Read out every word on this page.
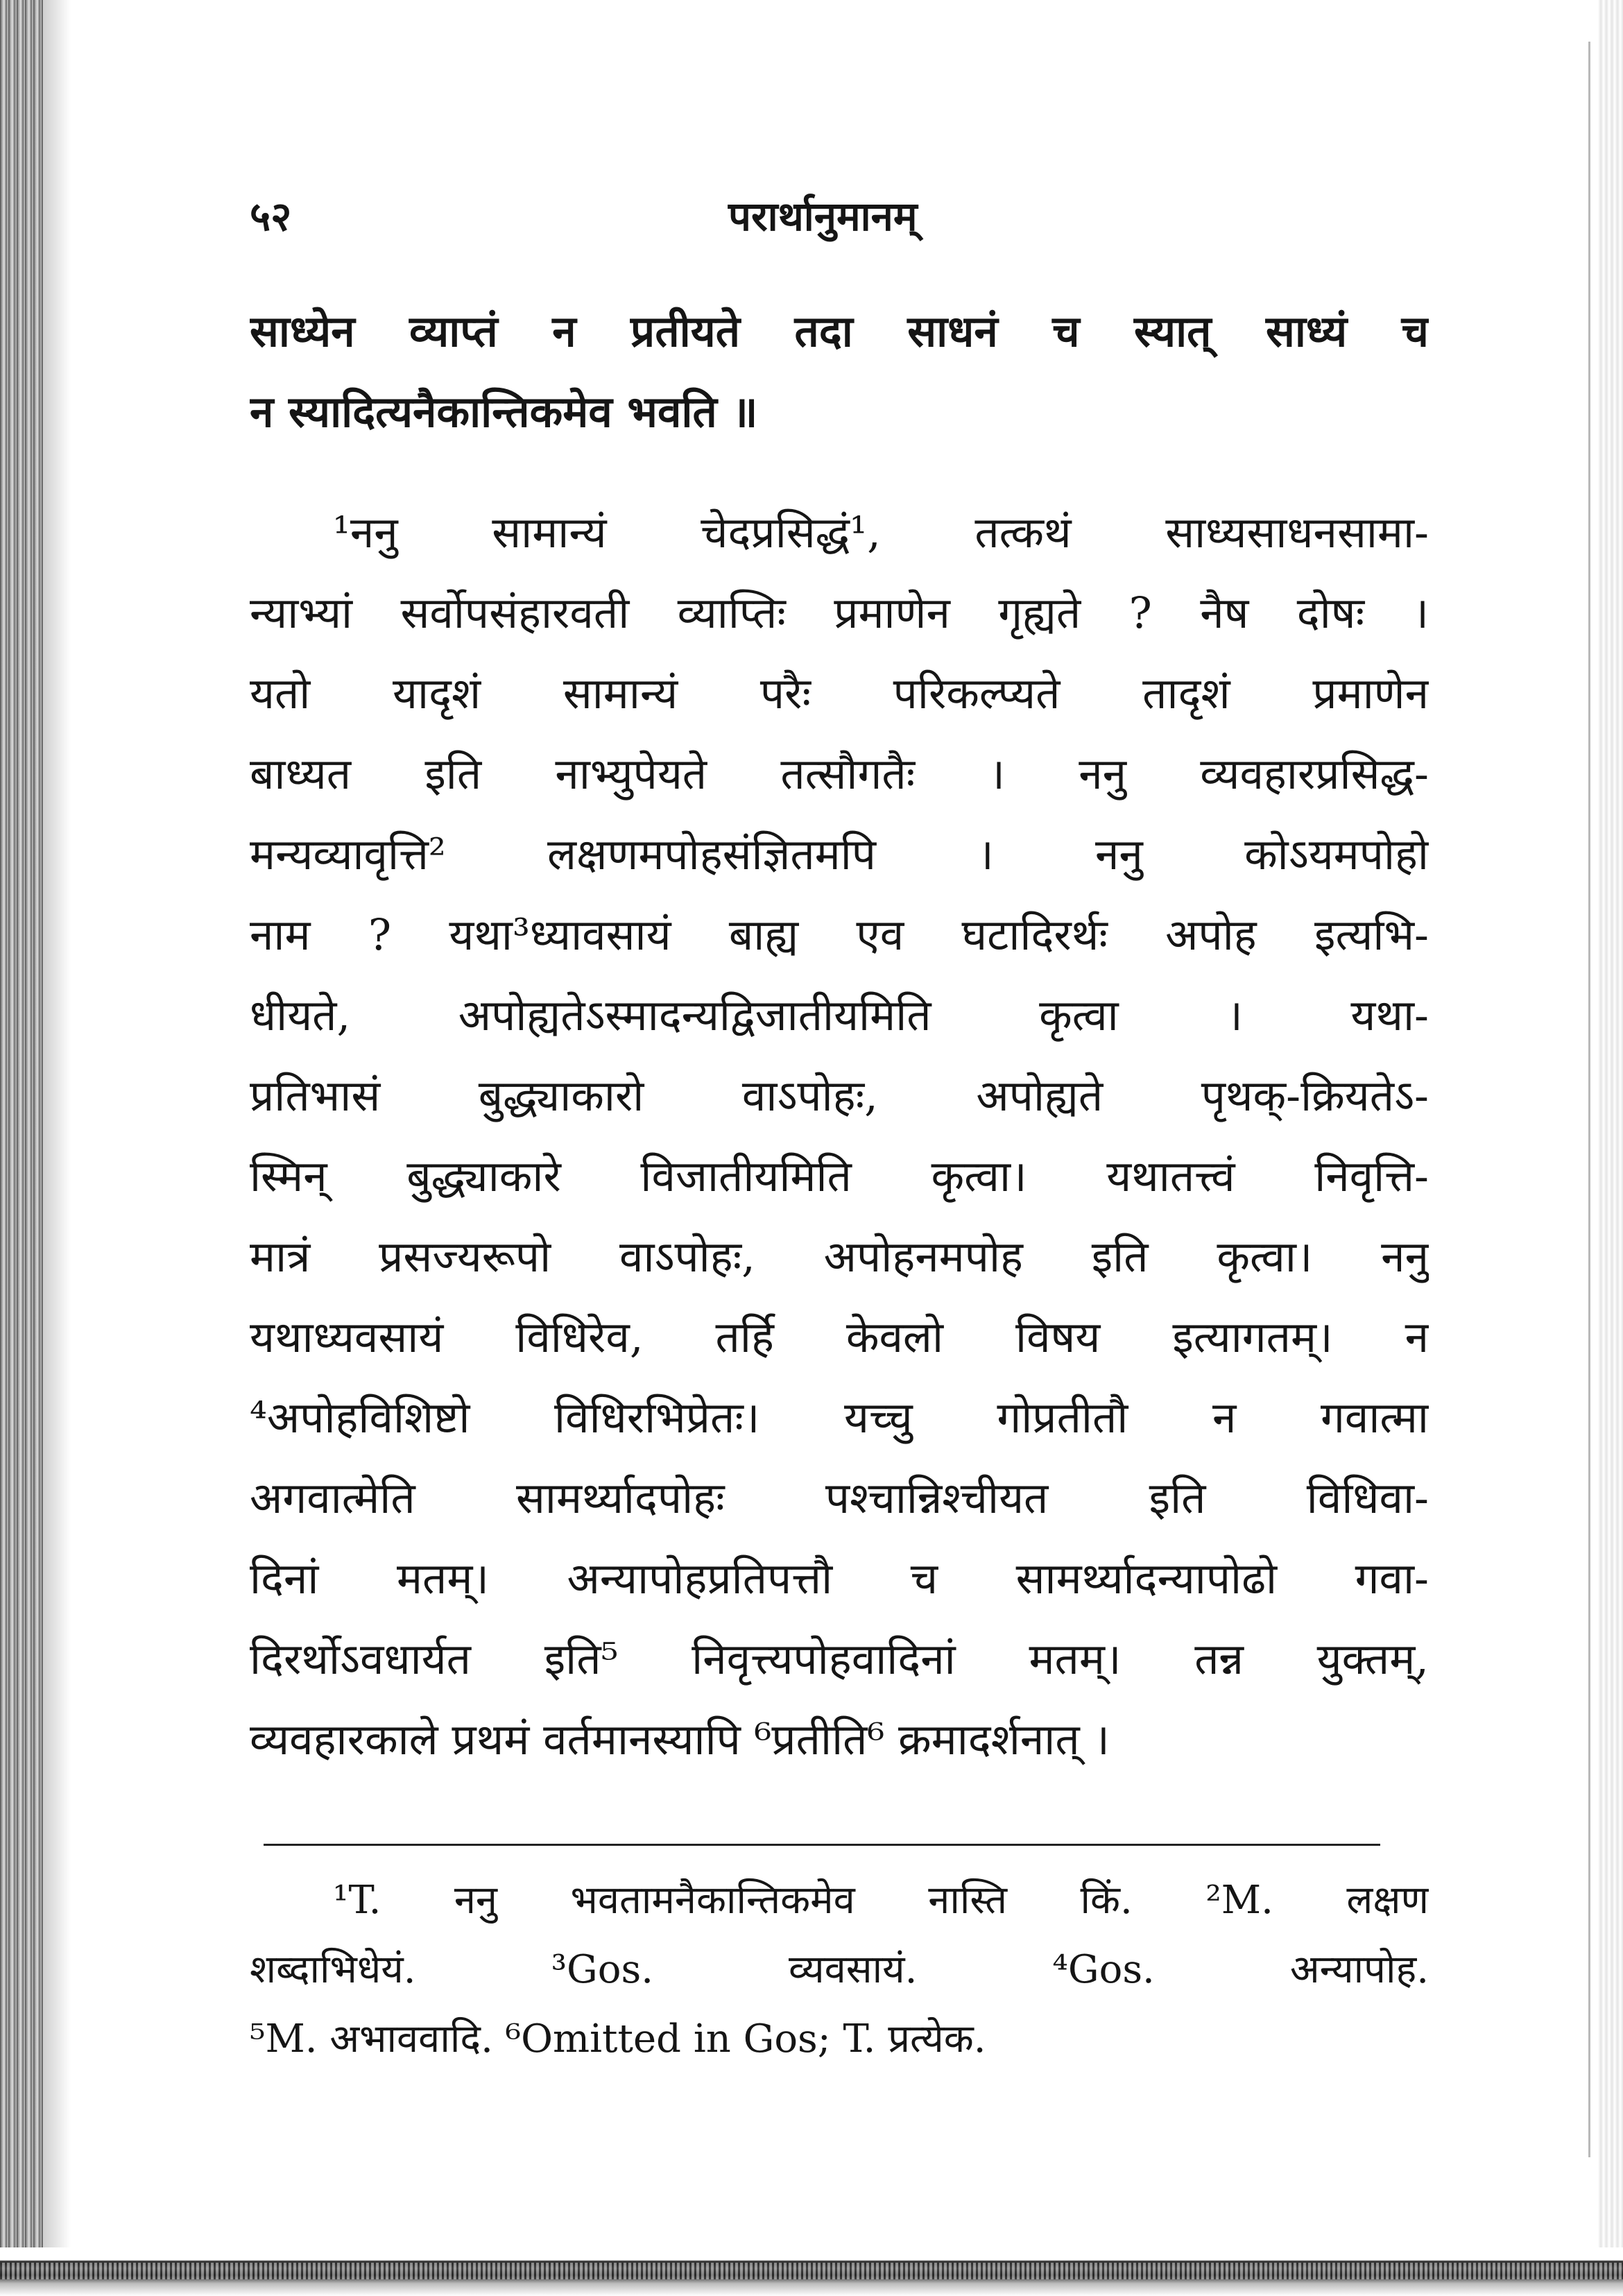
५२	परार्थानुमानम्
साध्येन व्याप्तं न प्रतीयते तदा साधनं च स्यात् साध्यं च
न स्यादित्यनैकान्तिकमेव भवति ॥
¹ननु सामान्यं चेदप्रसिद्धं¹, तत्कथं साध्यसाधनसामा-
न्याभ्यां सर्वोपसंहारवती व्याप्तिः प्रमाणेन गृह्यते ? नैष दोषः ।
यतो यादृशं सामान्यं परैः परिकल्प्यते तादृशं प्रमाणेन
बाध्यत इति नाभ्युपेयते तत्सौगतैः । ननु व्यवहारप्रसिद्ध-
मन्यव्यावृत्ति² लक्षणमपोहसंज्ञितमपि । ननु कोऽयमपोहो
नाम ? यथा³ध्यावसायं बाह्य एव घटादिरर्थः अपोह इत्यभि-
धीयते, अपोह्यतेऽस्मादन्यद्विजातीयमिति कृत्वा । यथा-
प्रतिभासं बुद्ध्याकारो वाऽपोहः, अपोह्यते पृथक्-क्रियतेऽ-
स्मिन् बुद्ध्याकारे विजातीयमिति कृत्वा। यथातत्त्वं निवृत्ति-
मात्रं प्रसज्यरूपो वाऽपोहः, अपोहनमपोह इति कृत्वा। ननु
यथाध्यवसायं विधिरेव, तर्हि केवलो विषय इत्यागतम्। न
⁴अपोहविशिष्टो विधिरभिप्रेतः। यच्चु गोप्रतीतौ न गवात्मा
अगवात्मेति सामर्थ्यादपोहः पश्चान्निश्चीयत इति विधिवा-
दिनां मतम्। अन्यापोहप्रतिपत्तौ च सामर्थ्यादन्यापोढो गवा-
दिरर्थोऽवधार्यत इति⁵ निवृत्त्यपोहवादिनां मतम्। तन्न युक्तम्,
व्यवहारकाले प्रथमं वर्तमानस्यापि ⁶प्रतीति⁶ क्रमादर्शनात् ।
¹T. ननु भवतामनैकान्तिकमेव नास्ति किं. ²M. लक्षण
शब्दाभिधेयं. ³Gos. व्यवसायं. ⁴Gos. अन्यापोह.
⁵M. अभाववादि. ⁶Omitted in Gos; T. प्रत्येक.
